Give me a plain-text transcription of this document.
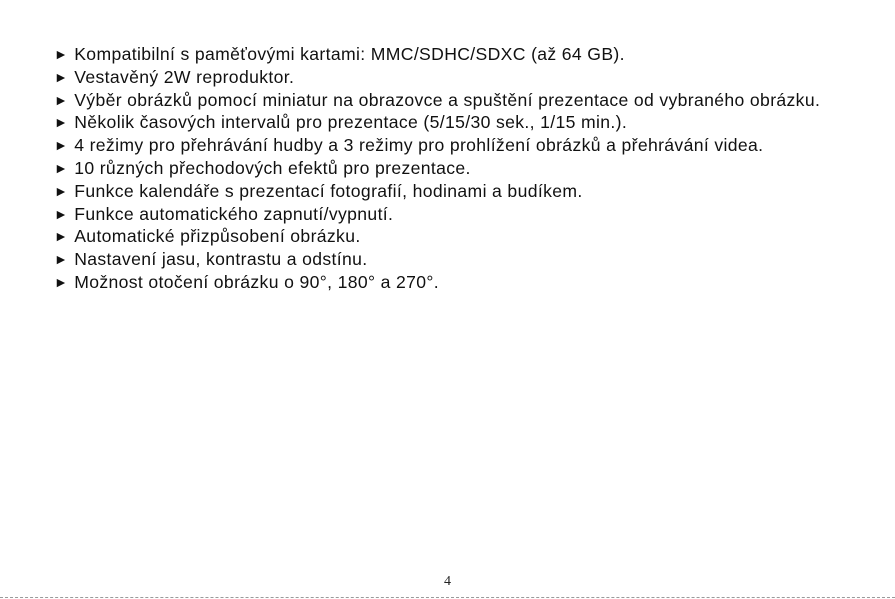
► Kompatibilní s paměťovými kartami: MMC/SDHC/SDXC (až 64 GB).
► Vestavěný 2W reproduktor.
► Výběr obrázků pomocí miniatur na obrazovce a spuštění prezentace od vybraného obrázku.
► Několik časových intervalů pro prezentace (5/15/30 sek., 1/15 min.).
► 4 režimy pro přehrávání hudby a 3 režimy pro prohlížení obrázků a přehrávání videa.
► 10 různých přechodových efektů pro prezentace.
► Funkce kalendáře s prezentací fotografií, hodinami a budíkem.
► Funkce automatického zapnutí/vypnutí.
► Automatické přizpůsobení obrázku.
► Nastavení jasu, kontrastu a odstínu.
► Možnost otočení obrázku o 90°, 180° a 270°.
4
